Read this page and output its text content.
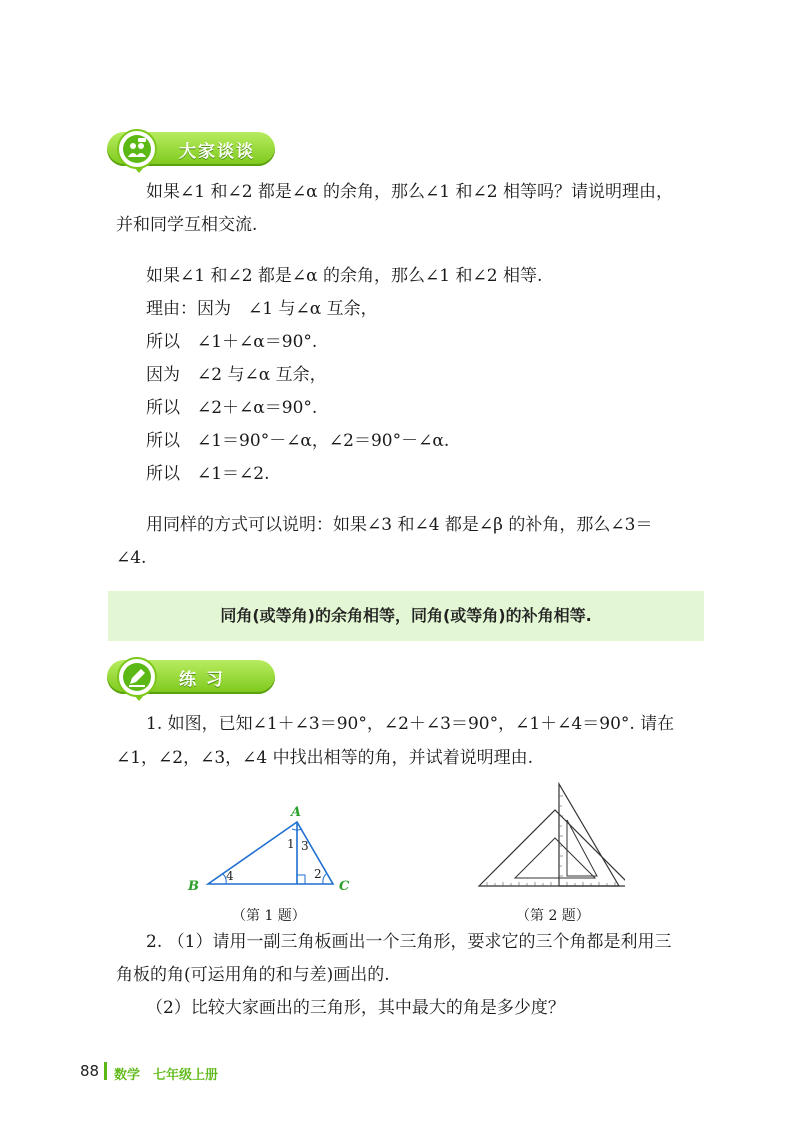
大家谈谈
如果∠1 和∠2 都是∠α 的余角，那么∠1 和∠2 相等吗？请说明理由，
并和同学互相交流.
如果∠1 和∠2 都是∠α 的余角，那么∠1 和∠2 相等.
理由：因为　∠1 与∠α 互余，
所以　∠1＋∠α＝90°.
因为　∠2 与∠α 互余，
所以　∠2＋∠α＝90°.
所以　∠1＝90°－∠α，∠2＝90°－∠α.
所以　∠1＝∠2.
用同样的方式可以说明：如果∠3 和∠4 都是∠β 的补角，那么∠3＝
∠4.
同角(或等角)的余角相等，同角(或等角)的补角相等.
练 习
1. 如图，已知∠1＋∠3＝90°，∠2＋∠3＝90°，∠1＋∠4＝90°. 请在
∠1，∠2，∠3，∠4 中找出相等的角，并试着说明理由.
A
B	C
1 3
2
4
（第 1 题）	（第 2 题）
2. （1）请用一副三角板画出一个三角形，要求它的三个角都是利用三
角板的角(可运用角的和与差)画出的.
（2）比较大家画出的三角形，其中最大的角是多少度？
88 数学　七年级上册
